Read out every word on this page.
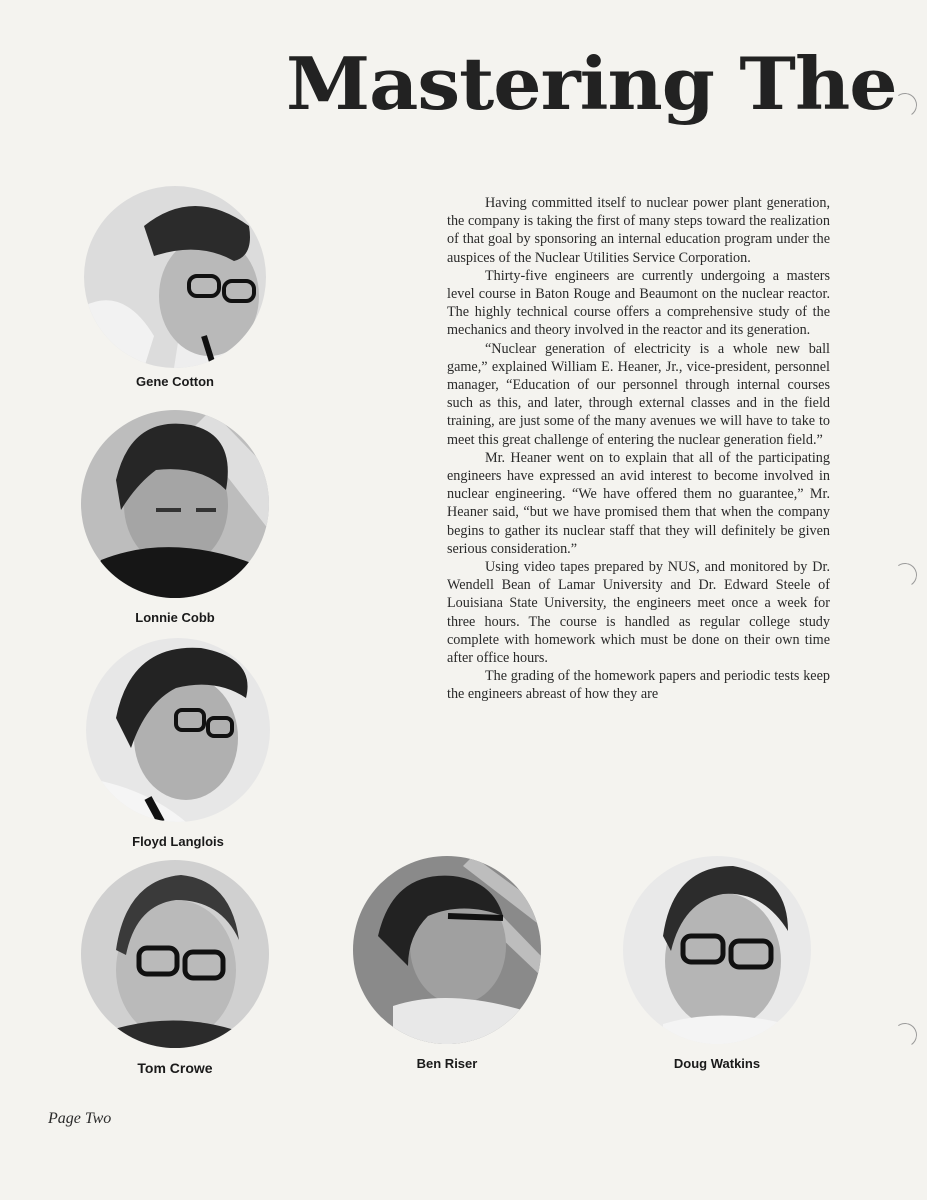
Mastering The

Having committed itself to nuclear power plant generation, the company is taking the first of many steps toward the realization of that goal by sponsoring an internal education program under the auspices of the Nuclear Utilities Service Corporation.

Thirty-five engineers are currently undergoing a masters level course in Baton Rouge and Beaumont on the nuclear reactor. The highly technical course offers a comprehensive study of the mechanics and theory involved in the reactor and its generation.

“Nuclear generation of electricity is a whole new ball game,” explained William E. Heaner, Jr., vice-president, personnel manager, “Education of our personnel through internal courses such as this, and later, through external classes and in the field training, are just some of the many avenues we will have to take to meet this great challenge of entering the nuclear generation field.”

Mr. Heaner went on to explain that all of the participating engineers have expressed an avid interest to become involved in nuclear engineering. “We have offered them no guarantee,” Mr. Heaner said, “but we have promised them that when the company begins to gather its nuclear staff that they will definitely be given serious consideration.”

Using video tapes prepared by NUS, and monitored by Dr. Wendell Bean of Lamar University and Dr. Edward Steele of Louisiana State University, the engineers meet once a week for three hours. The course is handled as regular college study complete with homework which must be done on their own time after office hours.

The grading of the homework papers and periodic tests keep the engineers abreast of how they are

Gene Cotton
Lonnie Cobb
Floyd Langlois
Tom Crowe	Ben Riser	Doug Watkins
Page Two
